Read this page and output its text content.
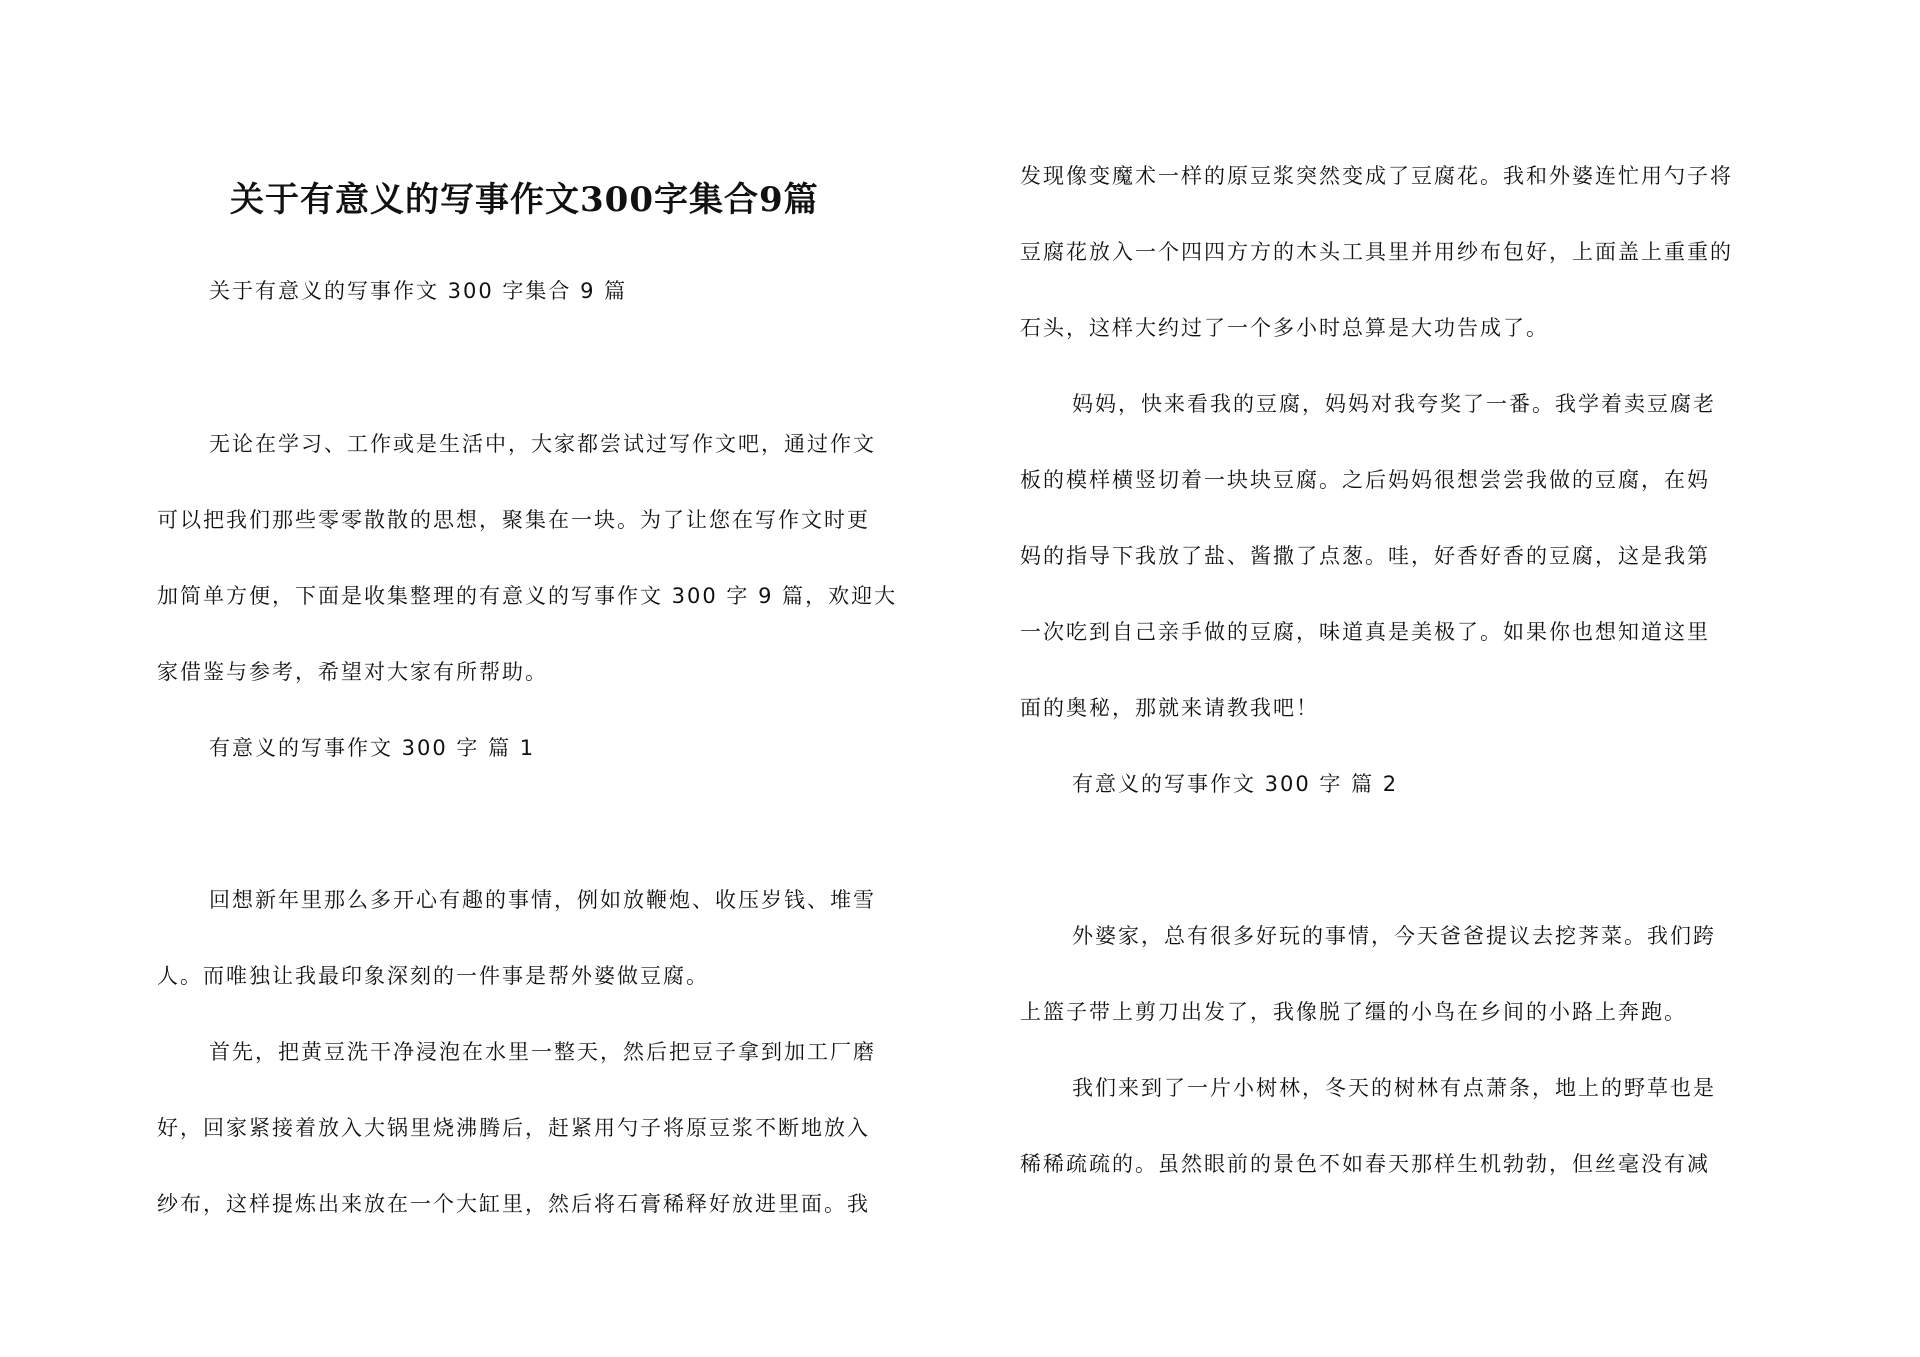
关于有意义的写事作文300字集合9篇
关于有意义的写事作文 300 字集合 9 篇
无论在学习、工作或是生活中，大家都尝试过写作文吧，通过作文
可以把我们那些零零散散的思想，聚集在一块。为了让您在写作文时更
加简单方便，下面是收集整理的有意义的写事作文 300 字 9 篇，欢迎大
家借鉴与参考，希望对大家有所帮助。
有意义的写事作文 300 字 篇 1
回想新年里那么多开心有趣的事情，例如放鞭炮、收压岁钱、堆雪
人。而唯独让我最印象深刻的一件事是帮外婆做豆腐。
首先，把黄豆洗干净浸泡在水里一整天，然后把豆子拿到加工厂磨
好，回家紧接着放入大锅里烧沸腾后，赶紧用勺子将原豆浆不断地放入
纱布，这样提炼出来放在一个大缸里，然后将石膏稀释好放进里面。我
发现像变魔术一样的原豆浆突然变成了豆腐花。我和外婆连忙用勺子将
豆腐花放入一个四四方方的木头工具里并用纱布包好，上面盖上重重的
石头，这样大约过了一个多小时总算是大功告成了。
妈妈，快来看我的豆腐，妈妈对我夸奖了一番。我学着卖豆腐老
板的模样横竖切着一块块豆腐。之后妈妈很想尝尝我做的豆腐，在妈
妈的指导下我放了盐、酱撒了点葱。哇，好香好香的豆腐，这是我第
一次吃到自己亲手做的豆腐，味道真是美极了。如果你也想知道这里
面的奥秘，那就来请教我吧！
有意义的写事作文 300 字 篇 2
外婆家，总有很多好玩的事情，今天爸爸提议去挖荠菜。我们跨
上篮子带上剪刀出发了，我像脱了缰的小鸟在乡间的小路上奔跑。
我们来到了一片小树林，冬天的树林有点萧条，地上的野草也是
稀稀疏疏的。虽然眼前的景色不如春天那样生机勃勃，但丝毫没有减
